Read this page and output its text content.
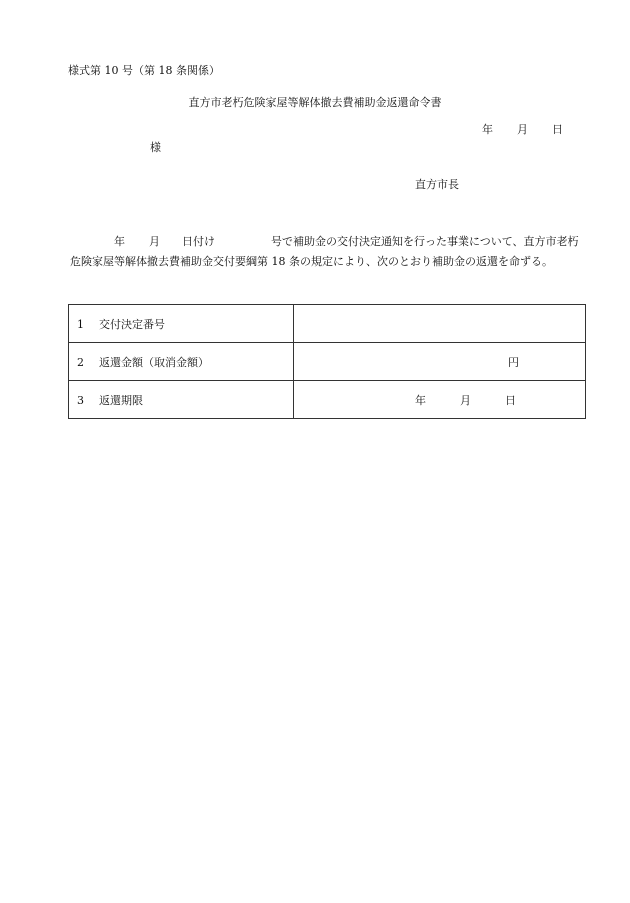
様式第 10 号（第 18 条関係）
直方市老朽危険家屋等解体撤去費補助金返還命令書
年 月 日
様
直方市長
年 月 日付け	号で補助金の交付決定通知を行った事業について、直方市老朽危険家屋等解体撤去費補助金交付要綱第 18 条の規定により、次のとおり補助金の返還を命ずる。
1 交付決定番号	
2 返還金額（取消金額）	円

3 返還期限	年 月 日
